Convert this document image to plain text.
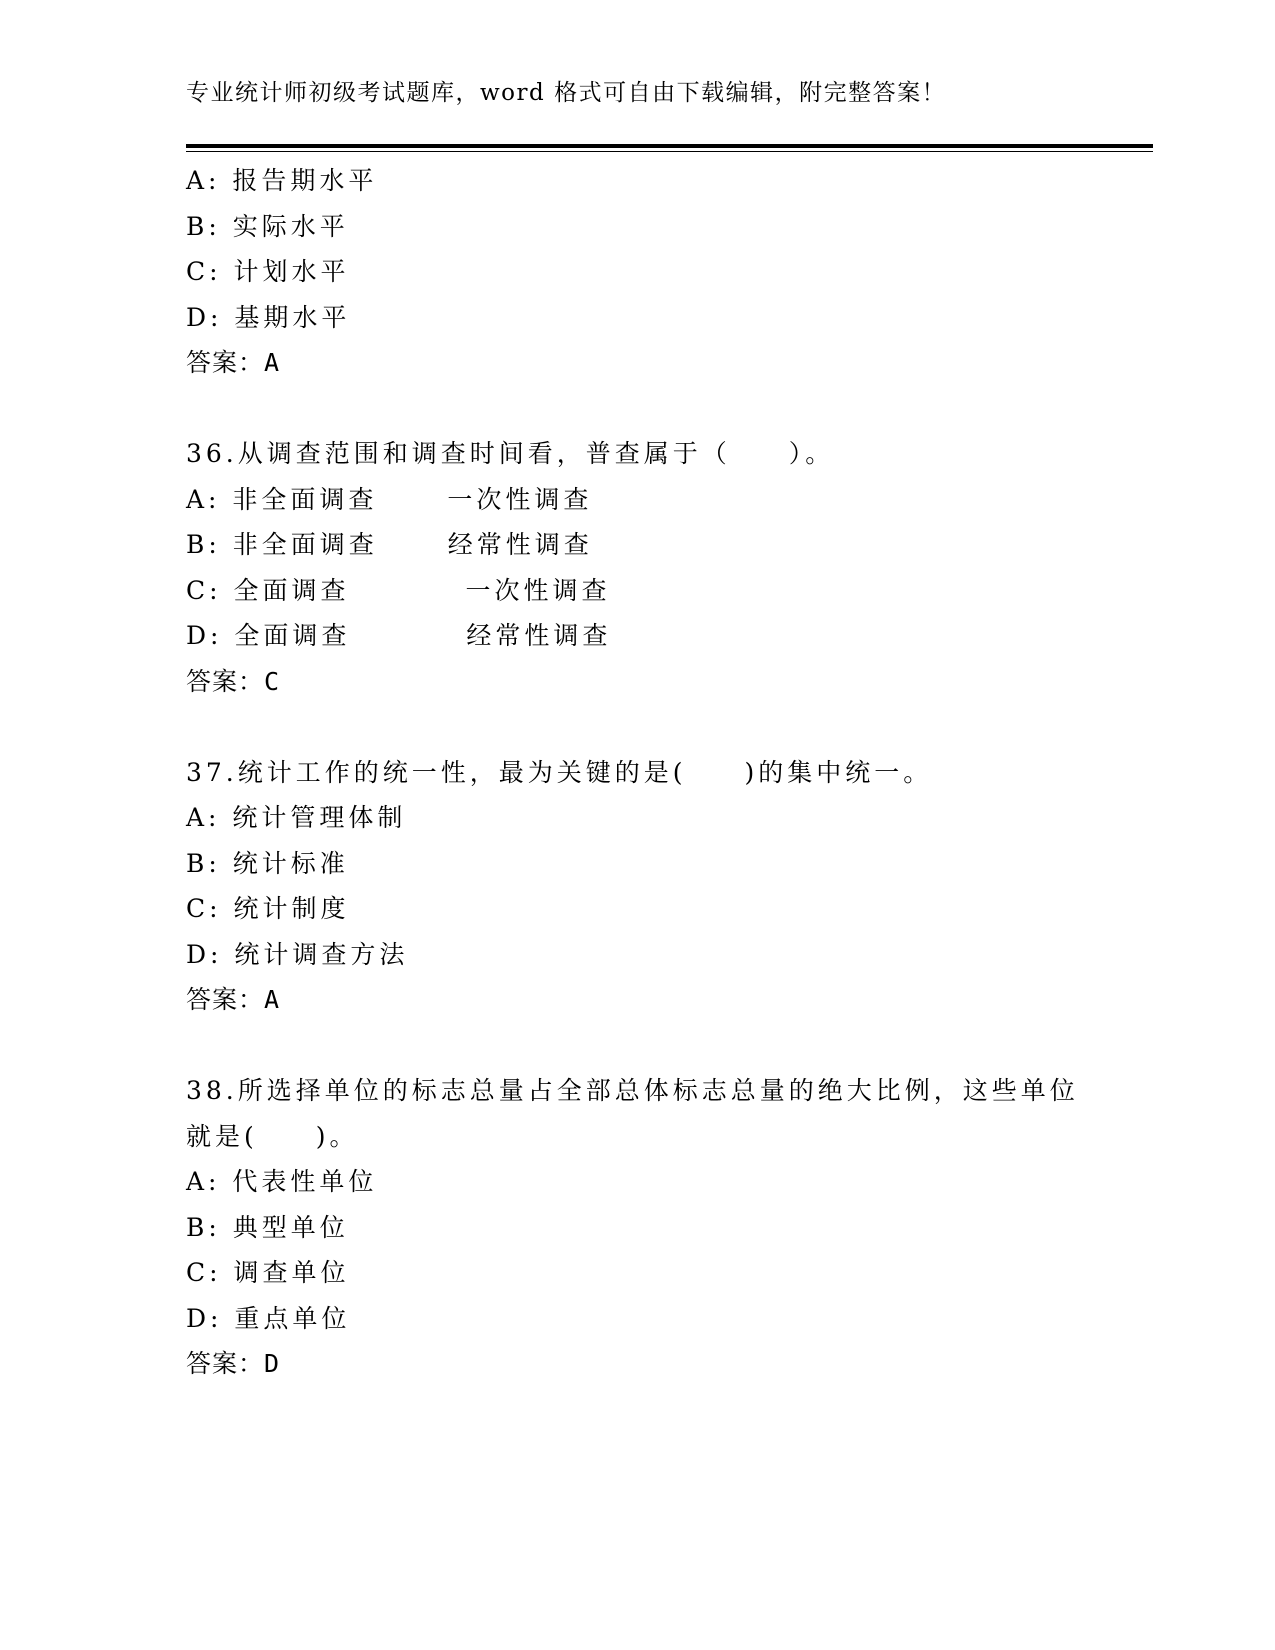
专业统计师初级考试题库，word 格式可自由下载编辑，附完整答案！
A: 报告期水平
B: 实际水平
C: 计划水平
D: 基期水平
答案：A
36.从调查范围和调查时间看，普查属于（　　）。
A: 非全面调查　　 一次性调查
B: 非全面调查　　 经常性调查
C: 全面调查　　　　一次性调查
D: 全面调查　　　　经常性调查
答案：C
37.统计工作的统一性，最为关键的是(　　)的集中统一。
A: 统计管理体制
B: 统计标准
C: 统计制度
D: 统计调查方法
答案：A
38.所选择单位的标志总量占全部总体标志总量的绝大比例，这些单位就是(　　)。
A: 代表性单位
B: 典型单位
C: 调查单位
D: 重点单位
答案：D
